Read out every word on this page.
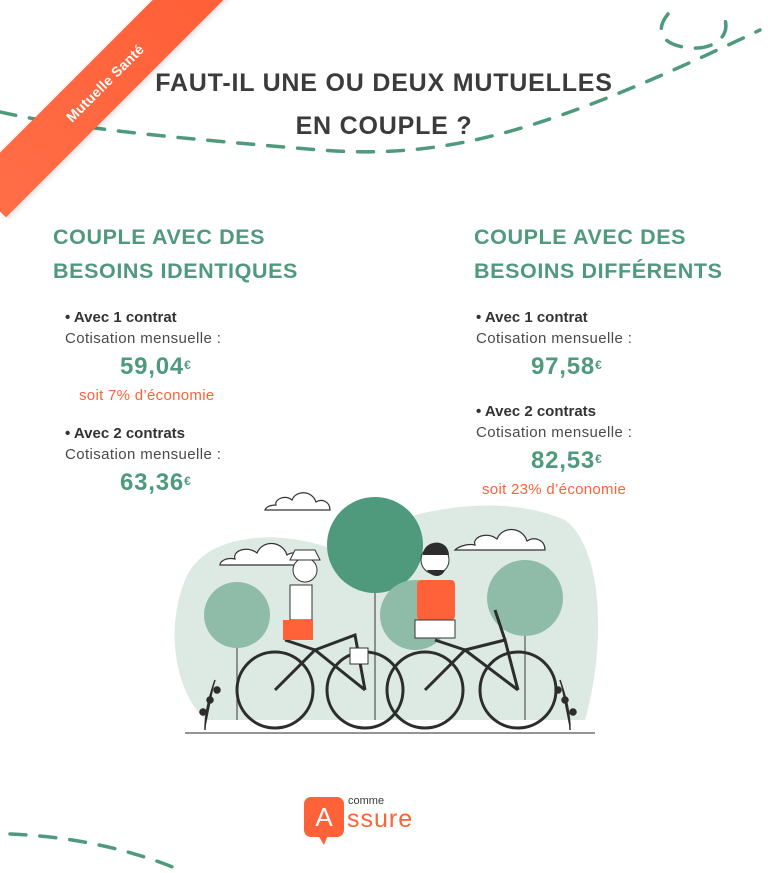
Mutuelle Santé FAUT-IL UNE OU DEUX MUTUELLES
EN COUPLE ?
COUPLE AVEC DES
BESOINS IDENTIQUES
• Avec 1 contrat
Cotisation mensuelle :
59,04€
soit 7% d’économie
• Avec 2 contrats
Cotisation mensuelle :
63,36€
COUPLE AVEC DES
BESOINS DIFFÉRENTS
• Avec 1 contrat
Cotisation mensuelle :
97,58€
• Avec 2 contrats
Cotisation mensuelle :
82,53€
soit 23% d’économie
A
comme
ssure
